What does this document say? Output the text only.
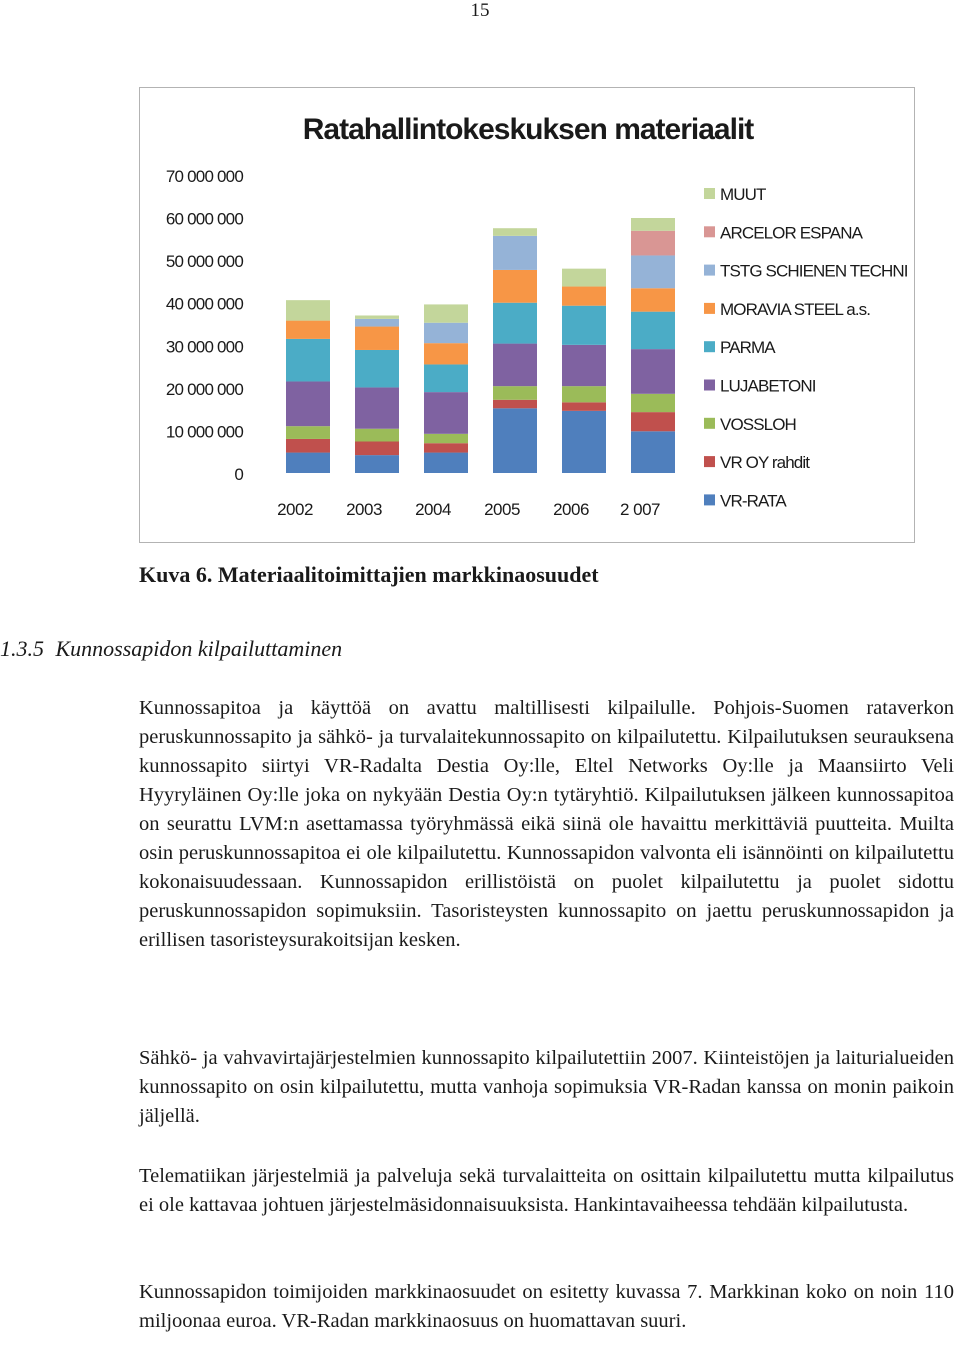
15
Ratahallintokeskuksen materiaalit
70 000 000
60 000 000
50 000 000
40 000 000
30 000 000
20 000 000
10 000 000
0
2002 2003 2004 2005 2006 2 007
MUUT
ARCELOR ESPANA
TSTG SCHIENEN TECHNI
MORAVIA STEEL a.s.
PARMA
LUJABETONI
VOSSLOH
VR OY rahdit
VR-RATA
Kuva 6. Materiaalitoimittajien markkinaosuudet
1.3.5 Kunnossapidon kilpailuttaminen
Kunnossapitoa ja käyttöä on avattu maltillisesti kilpailulle. Pohjois-Suomen rataverkon peruskunnossapito ja sähkö- ja turvalaitekunnossapito on kilpailutettu. Kilpailutuksen seurauksena kunnossapito siirtyi VR-Radalta Destia Oy:lle, Eltel Networks Oy:lle ja Maansiirto Veli Hyyryläinen Oy:lle joka on nykyään Destia Oy:n tytäryhtiö. Kilpailutuksen jälkeen kunnossapitoa on seurattu LVM:n asettamassa työryhmässä eikä siinä ole havaittu merkittäviä puutteita. Muilta osin peruskunnossapitoa ei ole kilpailutettu. Kunnossapidon valvonta eli isännöinti on kilpailutettu kokonaisuudessaan. Kunnossapidon erillistöistä on puolet kilpailutettu ja puolet sidottu peruskunnossapidon sopimuksiin. Tasoristeysten kunnossapito on jaettu peruskunnossapidon ja erillisen tasoristeysurakoitsijan kesken.
Sähkö- ja vahvavirtajärjestelmien kunnossapito kilpailutettiin 2007. Kiinteistöjen ja laiturialueiden kunnossapito on osin kilpailutettu, mutta vanhoja sopimuksia VR-Radan kanssa on monin paikoin jäljellä.
Telematiikan järjestelmiä ja palveluja sekä turvalaitteita on osittain kilpailutettu mutta kilpailutus ei ole kattavaa johtuen järjestelmäsidonnaisuuksista. Hankintavaiheessa tehdään kilpailutusta.
Kunnossapidon toimijoiden markkinaosuudet on esitetty kuvassa 7. Markkinan koko on noin 110 miljoonaa euroa. VR-Radan markkinaosuus on huomattavan suuri.
